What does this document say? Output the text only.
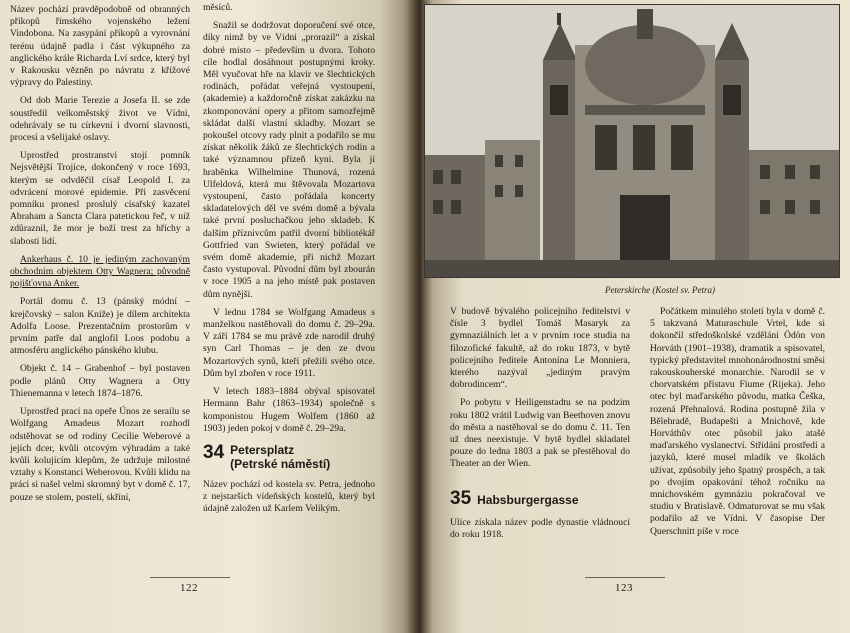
Název pochází pravděpodobně od obranných příkopů římského vojenského ležení Vindobona. Na zasypání příkopů a vyrovnání terénu údajně padla i část výkupného za anglického krále Richarda Lví srdce, který byl v Rakousku vězněn po návratu z křížové výpravy do Palestiny.

Od dob Marie Terezie a Josefa II. se zde soustředil velkoměstský život ve Vídni, odehrávaly se tu církevní i dvorní slavnosti, procesí a všeliјaké oslavy.

Uprostřed prostranství stojí pomník Nejsvětější Trojice, dokončený v roce 1693, kterým se odvděčil císař Leopold I. za odvrácení morové epidemie. Při zasvěcení pomníku pronesl proslulý císařský kazatel Abraham a Sancta Clara patetickou řeč, v níž zdůraznil, že mor je boží trest za hříchy a slabosti lidí.

Ankerhaus č. 10 je jediným zachovaným obchodním objektem Otty Wagnera; původně pojišťovna Anker.

Portál domu č. 13 (pánský módní – krejčovský – salon Kníže) je dílem architekta Adolfa Loose. Prezentačním prostorům v prvním patře dal anglofil Loos podobu a atmosféru anglického pánského klubu.

Objekt č. 14 – Grabenhof – byl postaven podle plánů Otty Wagnera a Otty Thienemanna v letech 1874–1876.

Uprostřed prací na opeře Únos ze serailu se Wolfgang Amadeus Mozart rozhodl odstěhovat se od rodiny Cecilie Weberové a jejích dcer, kvůli otcovým výhradám a také kvůli kolujícím klepům, že udržuje milostné vztahy s Konstanci Weberovou. Kvůli klidu na práci si našel velmi skromný byt v domě č. 17, pouze se stolem, postelí, skříní,

měsíců.

Snažil se dodržovat doporučení své otce, díky nimž by ve Vídni „prorazil“ a získal dobré místo – především u dvora. Tohoto cíle hodlal dosáhnout postupnými kroky. Měl vyučovat hře na klavír ve šlechtických rodinách, pořádat veřejná vystoupení, (akademie) a každoročně získat zakázku na zkomponování opery a přitom samozřejmě skládat další vlastní skladby. Mozart se pokoušel otcovy rady plnit a podařilo se mu získat několik žáků ze šlechtických rodin a také významnou přízeň kyni. Byla jí hraběnka Wilhelmine Thunová, rozená Ulfeldová, která mu štěvovala Mozartova vystoupení, často pořádala koncerty skladatelových děl ve svém domě a bývala také první posluchačkou jeho skladeb. K dalším příznivcům patřil dvorní bibliotékář Gottfried van Swieten, který pořádal ve svém domě akademie, při nichž Mozart často vystupoval. Původní dům byl zbourán v roce 1905 a na jeho místě pak postaven dům nynější.

V lednu 1784 se Wolfgang Amadeus s manželkou nastěhovali do domu č. 29–29a. V září 1784 se mu právě zde narodil druhý syn Carl Thomas – je den ze dvou Mozartových synů, kteří přežili svého otce. Dům byl zbořen v roce 1911.

V letech 1883–1884 obýval spisovatel Hermann Bahr (1863–1934) společně s komponistou Hugem Wolfem (1860 až 1903) jeden pokoj v domě č. 29–29a.

34 Petersplatz
(Petrské náměstí)

Název pochází od kostela sv. Petra, jednoho z nejstarších vídeňských kostelů, který byl údajně založen už Karlem Velikým.

122
Peterskirche (Kostel sv. Petra)

V budově bývalého policejního ředitelství v čísle 3 bydlel Tomáš Masaryk za gymnaziálních let a v prvním roce studia na filozofické fakultě, až do roku 1873, v bytě policejního ředitele Antonína Le Monniera, kterého nazýval „jediným pravým dobrodincem“.

Po pobytu v Heiligenstadtu se na podzim roku 1802 vrátil Ludwig van Beethoven znovu do města a nastěhoval se do domu č. 11. Ten už dnes neexistuje. V bytě bydlel skladatel pouze do ledna 1803 a pak se přestěhoval do Theater an der Wien.

35 Habsburgergasse

Ulice získala název podle dynastie vládnoucí do roku 1918.

Počátkem minulého století byla v domě č. 5 takzvaná Maturaschule Vrtel, kde si dokončil středoškolské vzdělání Ödön von Horváth (1901–1938), dramatik a spisovatel, typický představitel mnohonárodnostní směsi rakouskouherské monarchie. Narodil se v chorvatském přístavu Fiume (Rijeka). Jeho otec byl maďarského původu, matka Češka, rozená Přehnalová. Rodina postupně žila v Bělehradě, Budapešti a Mnichově, kde Horváthův otec působil jako atašé maďarského vyslanectví. Střídání prostředí a jazyků, které musel mladík ve školách užívat, způsobily jeho špatný prospěch, a tak po dvojím opakování téhož ročníku na mnichovském gymnáziu pokračoval ve studiu v Bratislavě. Odmaturovat se mu však podařilo až ve Vídni. V časopise Der Querschnitt píše v roce

123
